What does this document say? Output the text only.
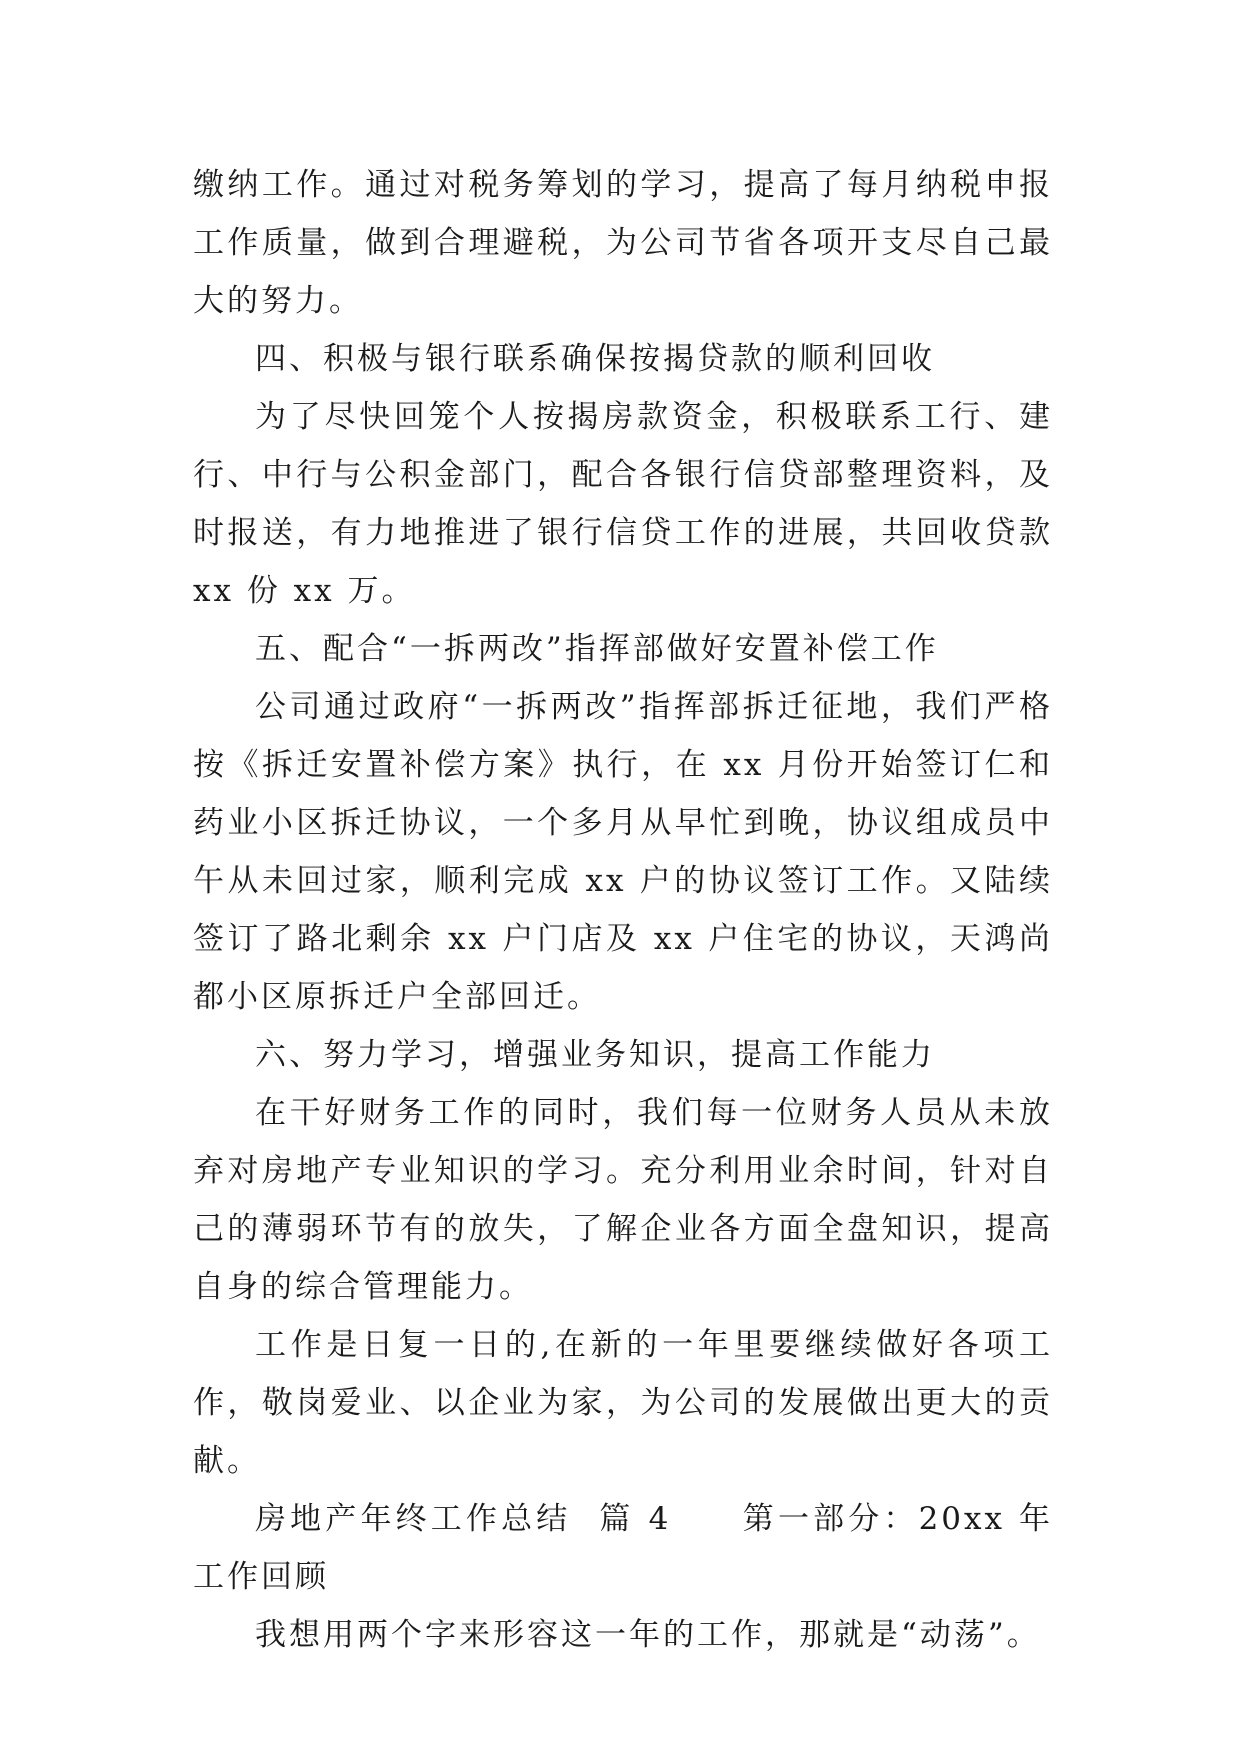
缴纳工作。通过对税务筹划的学习，提高了每月纳税申报工作质量，做到合理避税，为公司节省各项开支尽自己最大的努力。

四、积极与银行联系确保按揭贷款的顺利回收

为了尽快回笼个人按揭房款资金，积极联系工行、建行、中行与公积金部门，配合各银行信贷部整理资料，及时报送，有力地推进了银行信贷工作的进展，共回收贷款 xx 份 xx 万。

五、配合“一拆两改”指挥部做好安置补偿工作

公司通过政府“一拆两改”指挥部拆迁征地，我们严格按《拆迁安置补偿方案》执行，在 xx 月份开始签订仁和药业小区拆迁协议，一个多月从早忙到晚，协议组成员中午从未回过家，顺利完成 xx 户的协议签订工作。又陆续签订了路北剩余 xx 户门店及 xx 户住宅的协议，天鸿尚都小区原拆迁户全部回迁。

六、努力学习，增强业务知识，提高工作能力

在干好财务工作的同时，我们每一位财务人员从未放弃对房地产专业知识的学习。充分利用业余时间，针对自己的薄弱环节有的放失，了解企业各方面全盘知识，提高自身的综合管理能力。

工作是日复一日的,在新的一年里要继续做好各项工作，敬岗爱业、以企业为家，为公司的发展做出更大的贡献。

房地产年终工作总结  篇 4　　第一部分：20xx 年工作回顾

我想用两个字来形容这一年的工作，那就是“动荡”。
